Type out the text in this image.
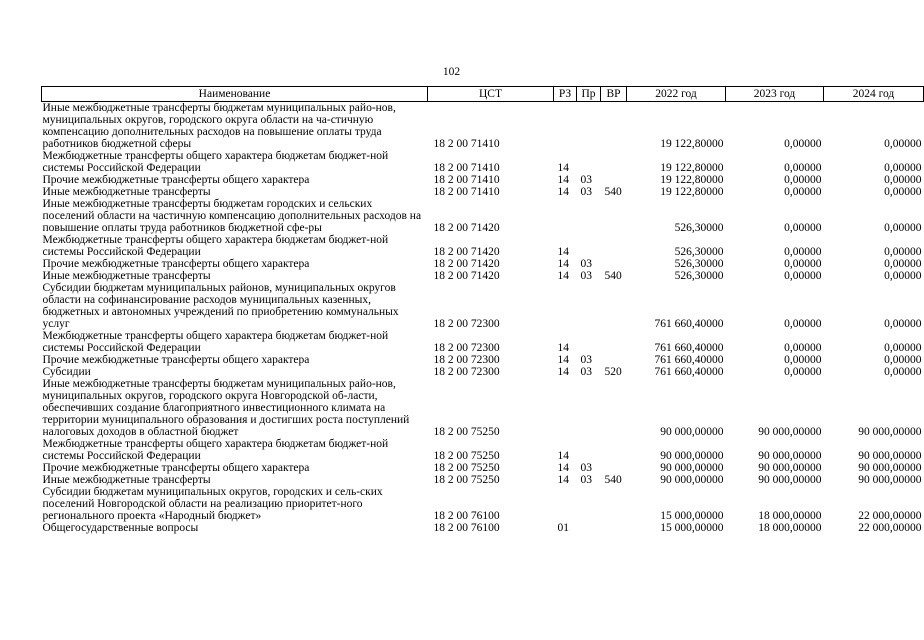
102
Наименование	ЦСТ	РЗ	Пр	ВР	2022 год	2023 год	2024 год
Иные межбюджетные трансферты бюджетам муниципальных райо-нов, муниципальных округов, городского округа области на ча-стичную компенсацию дополнительных расходов на повышение оплаты труда работников бюджетной сферы	18 2 00 71410				19 122,80000	0,00000	0,00000
Межбюджетные трансферты общего характера бюджетам бюджет-ной системы Российской Федерации	18 2 00 71410	14			19 122,80000	0,00000	0,00000
Прочие межбюджетные трансферты общего характера	18 2 00 71410	14	03		19 122,80000	0,00000	0,00000
Иные межбюджетные трансферты	18 2 00 71410	14	03	540	19 122,80000	0,00000	0,00000
Иные межбюджетные трансферты бюджетам городских и сельских поселений области на частичную компенсацию дополнительных расходов на повышение оплаты труда работников бюджетной сфе-ры	18 2 00 71420				526,30000	0,00000	0,00000
Межбюджетные трансферты общего характера бюджетам бюджет-ной системы Российской Федерации	18 2 00 71420	14			526,30000	0,00000	0,00000
Прочие межбюджетные трансферты общего характера	18 2 00 71420	14	03		526,30000	0,00000	0,00000
Иные межбюджетные трансферты	18 2 00 71420	14	03	540	526,30000	0,00000	0,00000
Субсидии бюджетам муниципальных районов, муниципальных округов области на софинансирование расходов муниципальных казенных, бюджетных и автономных учреждений по приобретению коммунальных услуг	18 2 00 72300				761 660,40000	0,00000	0,00000
Межбюджетные трансферты общего характера бюджетам бюджет-ной системы Российской Федерации	18 2 00 72300	14			761 660,40000	0,00000	0,00000
Прочие межбюджетные трансферты общего характера	18 2 00 72300	14	03		761 660,40000	0,00000	0,00000
Субсидии	18 2 00 72300	14	03	520	761 660,40000	0,00000	0,00000
Иные межбюджетные трансферты бюджетам муниципальных райо-нов, муниципальных округов, городского округа Новгородской об-ласти, обеспечивших создание благоприятного инвестиционного климата на территории муниципального образования и достигших роста поступлений налоговых доходов в областной бюджет	18 2 00 75250				90 000,00000	90 000,00000	90 000,00000
Межбюджетные трансферты общего характера бюджетам бюджет-ной системы Российской Федерации	18 2 00 75250	14			90 000,00000	90 000,00000	90 000,00000
Прочие межбюджетные трансферты общего характера	18 2 00 75250	14	03		90 000,00000	90 000,00000	90 000,00000
Иные межбюджетные трансферты	18 2 00 75250	14	03	540	90 000,00000	90 000,00000	90 000,00000
Субсидии бюджетам муниципальных округов, городских и сель-ских поселений Новгородской области на реализацию приоритет-ного регионального проекта «Народный бюджет»	18 2 00 76100				15 000,00000	18 000,00000	22 000,00000
Общегосударственные вопросы	18 2 00 76100	01			15 000,00000	18 000,00000	22 000,00000
